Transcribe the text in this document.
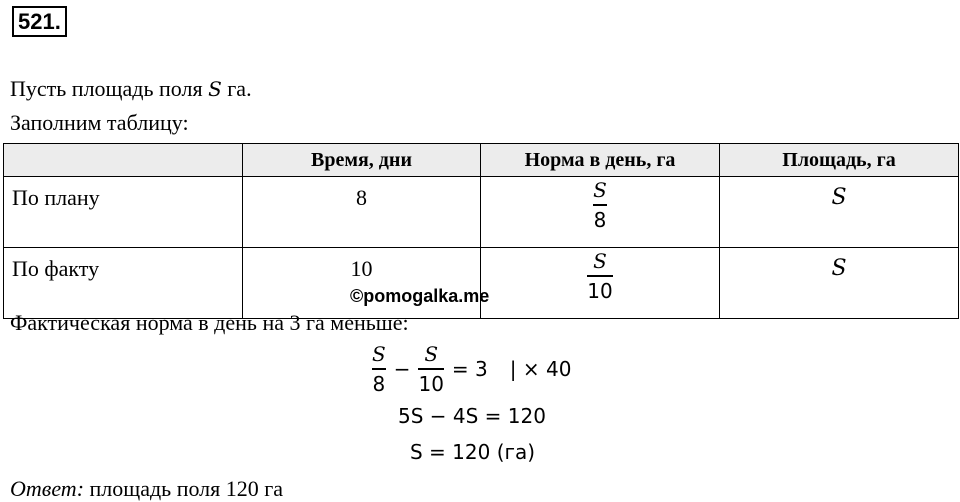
521.
Пусть площадь поля S га.
Заполним таблицу:
	Время, дни	Норма в день, га	Площадь, га
По плану	8	$\frac{S}{8}$	S
По факту	10	$\frac{S}{10}$	S
©pomogalka.me
Фактическая норма в день на 3 га меньше:
$\frac{S}{8} - \frac{S}{10} = 3$ | × 40
5S − 4S = 120
S = 120 (га)
Ответ: площадь поля 120 га
